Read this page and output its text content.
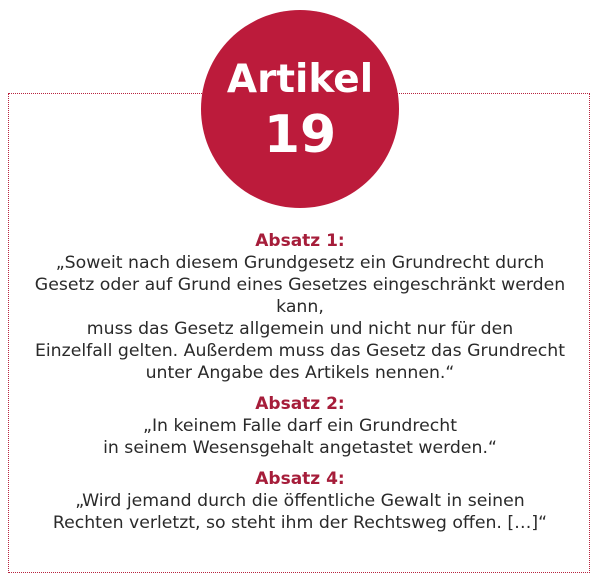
Artikel
19
Absatz 1:
„Soweit nach diesem Grundgesetz ein Grundrecht durch
Gesetz oder auf Grund eines Gesetzes eingeschränkt werden kann,
muss das Gesetz allgemein und nicht nur für den
Einzelfall gelten. Außerdem muss das Gesetz das Grundrecht
unter Angabe des Artikels nennen.“
Absatz 2:
„In keinem Falle darf ein Grundrecht
in seinem Wesensgehalt angetastet werden.“
Absatz 4:
„Wird jemand durch die öffentliche Gewalt in seinen
Rechten verletzt, so steht ihm der Rechtsweg offen. […]“
